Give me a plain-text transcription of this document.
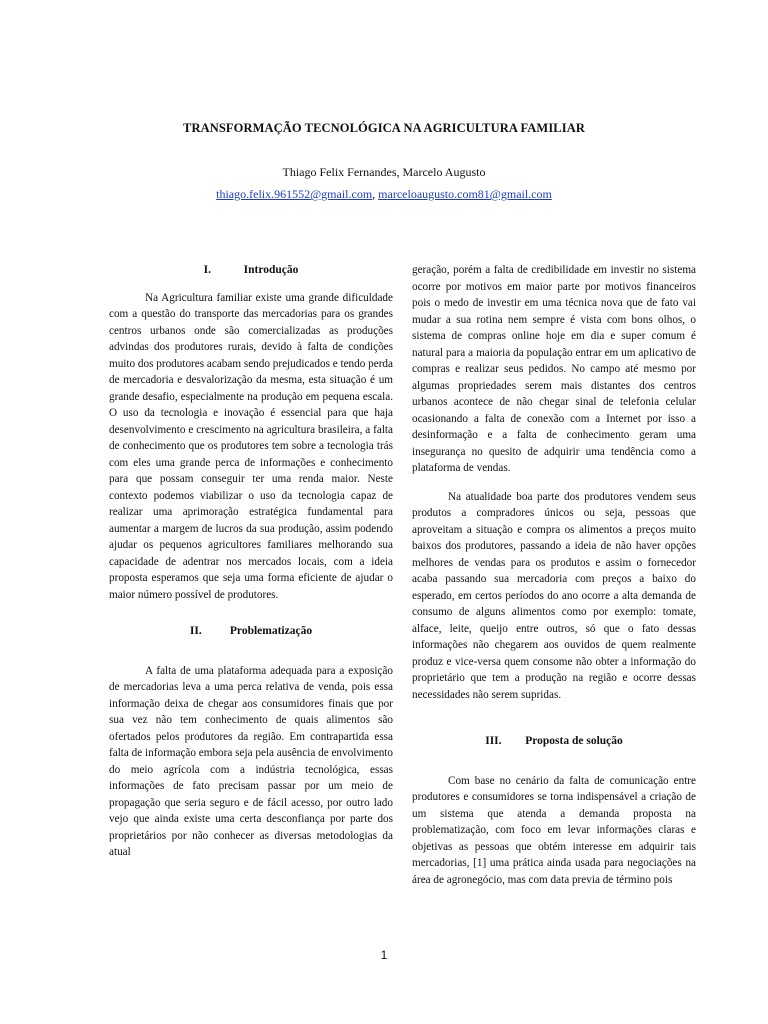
TRANSFORMAÇÃO TECNOLÓGICA NA AGRICULTURA FAMILIAR
Thiago Felix Fernandes, Marcelo Augusto
thiago.felix.961552@gmail.com, marceloaugusto.com81@gmail.com

I.	Introdução

Na Agricultura familiar existe uma grande dificuldade com a questão do transporte das mercadorias para os grandes centros urbanos onde são comercializadas as produções advindas dos produtores rurais, devido à falta de condições muito dos produtores acabam sendo prejudicados e tendo perda de mercadoria e desvalorização da mesma, esta situação é um grande desafio, especialmente na produção em pequena escala. O uso da tecnologia e inovação é essencial para que haja desenvolvimento e crescimento na agricultura brasileira, a falta de conhecimento que os produtores tem sobre a tecnologia trás com eles uma grande perca de informações e conhecimento para que possam conseguir ter uma renda maior. Neste contexto podemos viabilizar o uso da tecnologia capaz de realizar uma aprimoração estratégica fundamental para aumentar a margem de lucros da sua produção, assim podendo ajudar os pequenos agricultores familiares melhorando sua capacidade de adentrar nos mercados locais, com a ideia proposta esperamos que seja uma forma eficiente de ajudar o maior número possível de produtores.

II. Problematização

A falta de uma plataforma adequada para a exposição de mercadorias leva a uma perca relativa de venda, pois essa informação deixa de chegar aos consumidores finais que por sua vez não tem conhecimento de quais alimentos são ofertados pelos produtores da região. Em contrapartida essa falta de informação embora seja pela ausência de envolvimento do meio agrícola com a indústria tecnológica, essas informações de fato precisam passar por um meio de propagação que seria seguro e de fácil acesso, por outro lado vejo que ainda existe uma certa desconfiança por parte dos proprietários por não conhecer as diversas metodologias da atual

geração, porém a falta de credibilidade em investir no sistema ocorre por motivos em maior parte por motivos financeiros pois o medo de investir em uma técnica nova que de fato vai mudar a sua rotina nem sempre é vista com bons olhos, o sistema de compras online hoje em dia e super comum é natural para a maioria da população entrar em um aplicativo de compras e realizar seus pedidos. No campo até mesmo por algumas propriedades serem mais distantes dos centros urbanos acontece de não chegar sinal de telefonia celular ocasionando a falta de conexão com a Internet por isso a desinformação e a falta de conhecimento geram uma insegurança no quesito de adquirir uma tendência como a plataforma de vendas.

Na atualidade boa parte dos produtores vendem seus produtos a compradores únicos ou seja, pessoas que aproveitam a situação e compra os alimentos a preços muito baixos dos produtores, passando a ideia de não haver opções melhores de vendas para os produtos e assim o fornecedor acaba passando sua mercadoria com preços a baixo do esperado, em certos períodos do ano ocorre a alta demanda de consumo de alguns alimentos como por exemplo: tomate, alface, leite, queijo entre outros, só que o fato dessas informações não chegarem aos ouvidos de quem realmente produz e vice-versa quem consome não obter a informação do proprietário que tem a produção na região e ocorre dessas necessidades não serem supridas.

III. Proposta de solução

Com base no cenário da falta de comunicação entre produtores e consumidores se torna indispensável a criação de um sistema que atenda a demanda proposta na problematização, com foco em levar informações claras e objetivas as pessoas que obtém interesse em adquirir tais mercadorias, [1] uma prática ainda usada para negociações na área de agronegócio, mas com data previa de término pois

1
